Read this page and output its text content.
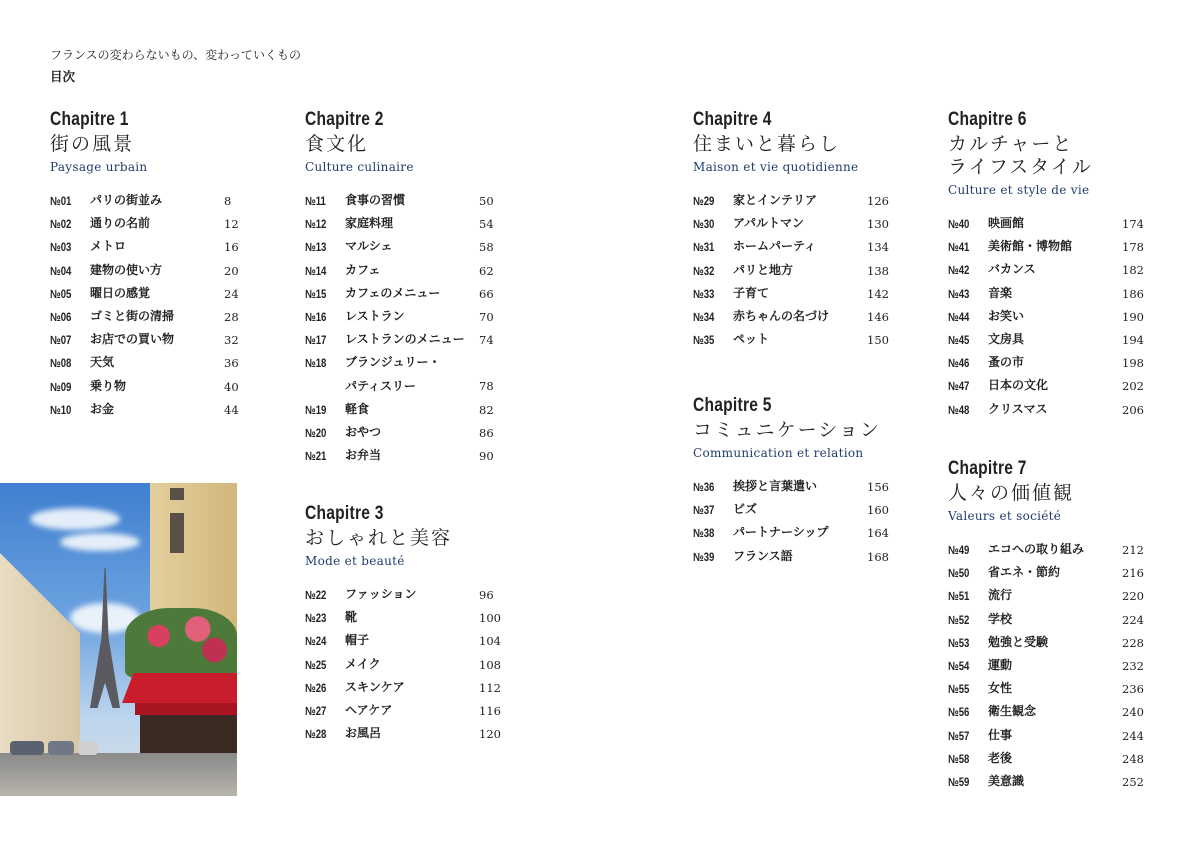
フランスの変わらないもの、変わっていくもの
目次
Chapitre 1
街の風景
Paysage urbain
№01 パリの街並み	8
№02 通りの名前	12
№03 メトロ	16
№04 建物の使い方	20
№05 曜日の感覚	24
№06 ゴミと街の清掃	28
№07 お店での買い物	32
№08 天気	36
№09 乗り物	40
№10 お金	44
Chapitre 2
食文化
Culture culinaire
№11 食事の習慣	50
№12 家庭料理	54
№13 マルシェ	58
№14 カフェ	62
№15 カフェのメニュー	66
№16 レストラン	70
№17 レストランのメニュー 74
№18 ブランジュリー・
パティスリー	78
№19 軽食	82
№20 おやつ	86
№21 お弁当	90
Chapitre 3
おしゃれと美容
Mode et beauté
№22 ファッション	96
№23 靴	100
№24 帽子	104
№25 メイク	108
№26 スキンケア	112
№27 ヘアケア	116
№28 お風呂	120
Chapitre 4
住まいと暮らし
Maison et vie quotidienne
№29 家とインテリア	126
№30 アパルトマン	130
№31 ホームパーティ	134
№32 パリと地方	138
№33 子育て	142
№34 赤ちゃんの名づけ	146
№35 ペット	150
Chapitre 5
コミュニケーション
Communication et relation
№36 挨拶と言葉遣い	156
№37 ビズ	160
№38 パートナーシップ	164
№39 フランス語	168
Chapitre 6
カルチャーと
ライフスタイル
Culture et style de vie
№40 映画館	174
№41 美術館・博物館	178
№42 バカンス	182
№43 音楽	186
№44 お笑い	190
№45 文房具	194
№46 蚤の市	198
№47 日本の文化	202
№48 クリスマス	206
Chapitre 7
人々の価値観
Valeurs et société
№49 エコへの取り組み	212
№50 省エネ・節約	216
№51 流行	220
№52 学校	224
№53 勉強と受験	228
№54 運動	232
№55 女性	236
№56 衛生観念	240
№57 仕事	244
№58 老後	248
№59 美意識	252
